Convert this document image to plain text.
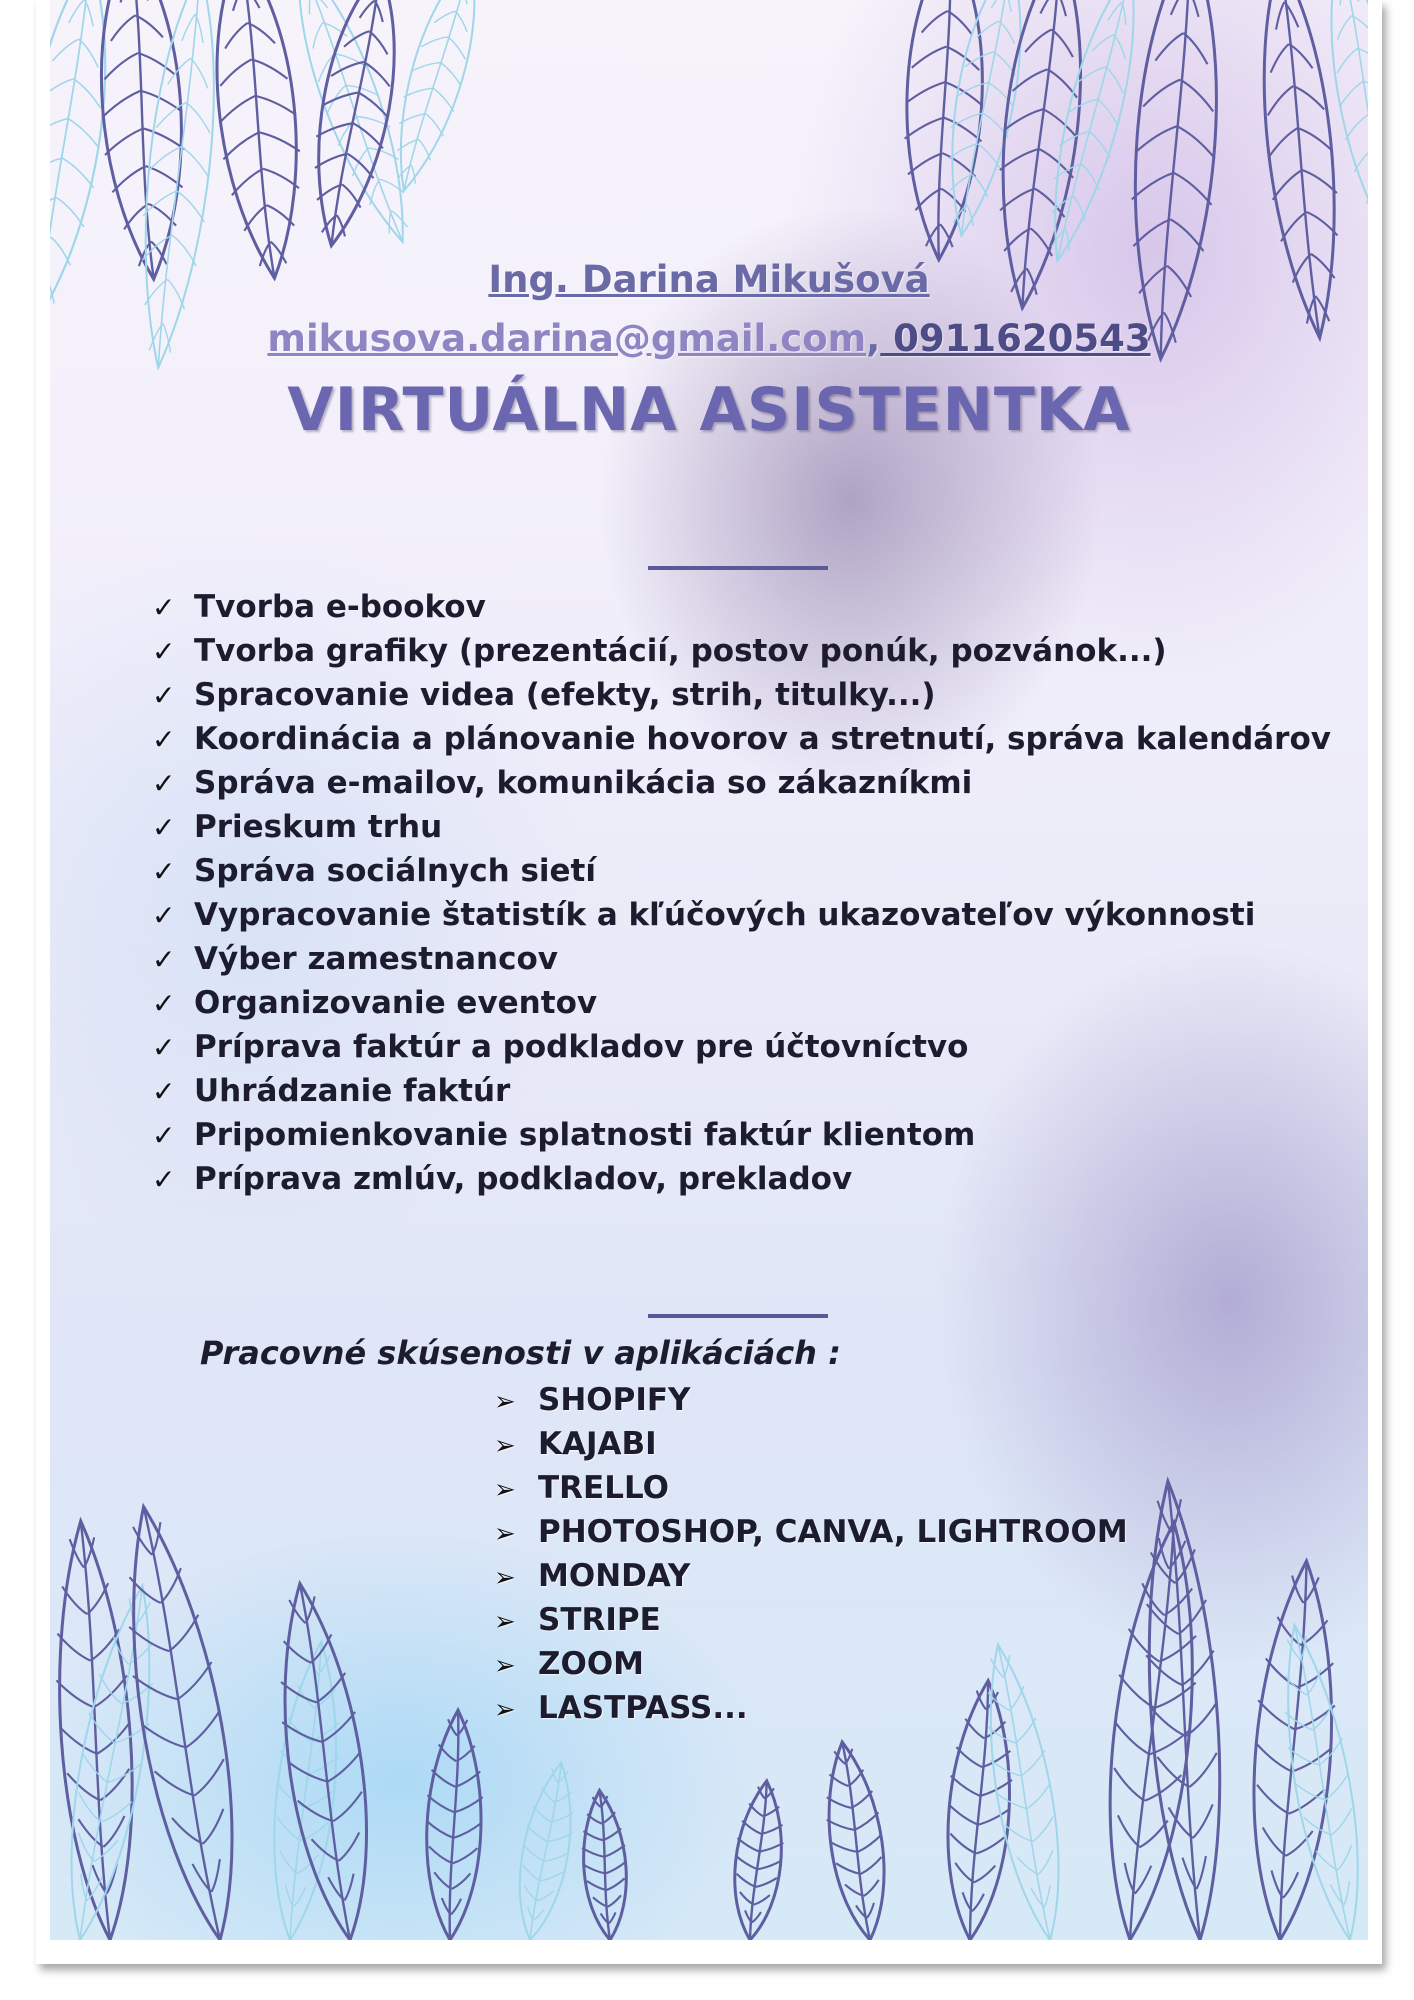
Ing. Darina Mikušová
mikusova.darina@gmail.com, 0911620543
VIRTUÁLNA ASISTENTKA
✓ Tvorba e-bookov
✓ Tvorba grafiky (prezentácií, postov ponúk, pozvánok...)
✓ Spracovanie videa (efekty, strih, titulky...)
✓ Koordinácia a plánovanie hovorov a stretnutí, správa kalendárov
✓ Správa e-mailov, komunikácia so zákazníkmi
✓ Prieskum trhu
✓ Správa sociálnych sietí
✓ Vypracovanie štatistík a kľúčových ukazovateľov výkonnosti
✓ Výber zamestnancov
✓ Organizovanie eventov
✓ Príprava faktúr a podkladov pre účtovníctvo
✓ Uhrádzanie faktúr
✓ Pripomienkovanie splatnosti faktúr klientom
✓ Príprava zmlúv, podkladov, prekladov
Pracovné skúsenosti v aplikáciách :
➢ SHOPIFY
➢ KAJABI
➢ TRELLO
➢ PHOTOSHOP, CANVA, LIGHTROOM
➢ MONDAY
➢ STRIPE
➢ ZOOM
➢ LASTPASS...
